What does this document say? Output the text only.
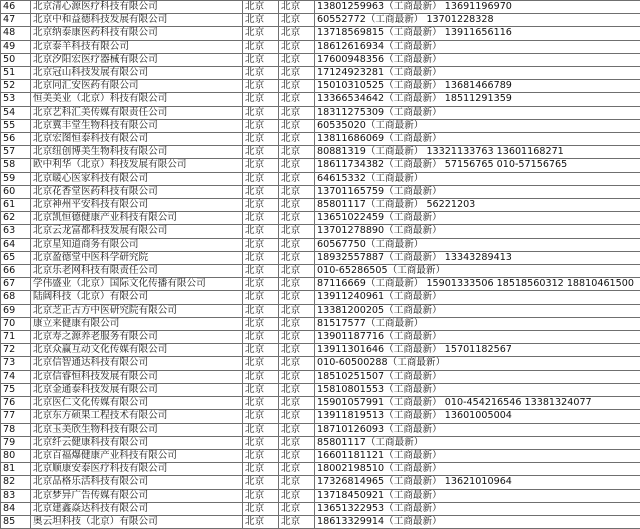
46	北京清心源医疗科技有限公司	北京	北京	13801259963（工商最新） 13691196970
47	北京中和益德科技发展有限公司	北京	北京	60552772（工商最新） 13701228328
48	北京纳泰康医药科技有限公司	北京	北京	13718569815（工商最新） 13911656116
49	北京泰羊科技有限公司	北京	北京	18612616934（工商最新）
50	北京汐阳宏医疗器械有限公司	北京	北京	17600948356（工商最新）
51	北京冠山科技发展有限公司	北京	北京	17124923281（工商最新）
52	北京同汇安医药有限公司	北京	北京	15010310525（工商最新） 13681466789
53	恒美美业（北京）科技有限公司	北京	北京	13366534642（工商最新） 18511291359
54	北京艺科汇美传媒有限责任公司	北京	北京	18311275309（工商最新）
55	北京冀丰堂生物科技有限公司	北京	北京	60535020（工商最新）
56	北京宏图恒泰科技有限公司	北京	北京	13811686069（工商最新）
57	北京纽创博美生物科技有限公司	北京	北京	80881319（工商最新） 13321133763 13601168271
58	欧中利华（北京）科技发展有限公司	北京	北京	18611734382（工商最新） 57156765 010-57156765
59	北京暖心医家科技有限公司	北京	北京	64615332（工商最新）
60	北京花香堂医药科技有限公司	北京	北京	13701165759（工商最新）
61	北京神州平安科技有限公司	北京	北京	85801117（工商最新） 56221203
62	北京凯恒德健康产业科技有限公司	北京	北京	13651022459（工商最新）
63	北京云龙富都科技发展有限公司	北京	北京	13701278890（工商最新）
64	北京星知道商务有限公司	北京	北京	60567750（工商最新）
65	北京盈德堂中医科学研究院	北京	北京	18932557887（工商最新） 13343289413
66	北京乐老网科技有限责任公司	北京	北京	010-65286505（工商最新）
67	学伟盛业（北京）国际文化传播有限公司	北京	北京	87116669（工商最新） 15901333506 18518560312 18810461500
68	陆阔科技（北京）有限公司	北京	北京	13911240961（工商最新）
69	北京芝正古方中医研究院有限公司	北京	北京	13381200205（工商最新）
70	康立来健康有限公司	北京	北京	81517577（工商最新）
71	北京寿之源养老服务有限公司	北京	北京	13901187716（工商最新）
72	北京众赢互动文化传媒有限公司	北京	北京	13911301646（工商最新） 15701182567
73	北京信智通达科技有限公司	北京	北京	010-60500288（工商最新）
74	北京信睿恒科技发展有限公司	北京	北京	18510251507（工商最新）
75	北京金通泰科技发展有限公司	北京	北京	15810801553（工商最新）
76	北京医仁文化传媒有限公司	北京	北京	15901057991（工商最新） 010-454216546 13381324077
77	北京东方硕果工程技术有限公司	北京	北京	13911819513（工商最新） 13601005004
78	北京玉美欣生物科技有限公司	北京	北京	18710126093（工商最新）
79	北京纤云健康科技有限公司	北京	北京	85801117（工商最新）
80	北京百福爆健康产业科技有限公司	北京	北京	16601181121（工商最新）
81	北京顺康安泰医疗科技有限公司	北京	北京	18002198510（工商最新）
82	北京品格乐活科技有限公司	北京	北京	17326814965（工商最新） 13621010964
83	北京梦异广告传媒有限公司	北京	北京	13718450921（工商最新）
84	北京建鑫焱达科技有限公司	北京	北京	13651322953（工商最新）
85	奥云坦科技（北京）有限公司	北京	北京	18613329914（工商最新）
